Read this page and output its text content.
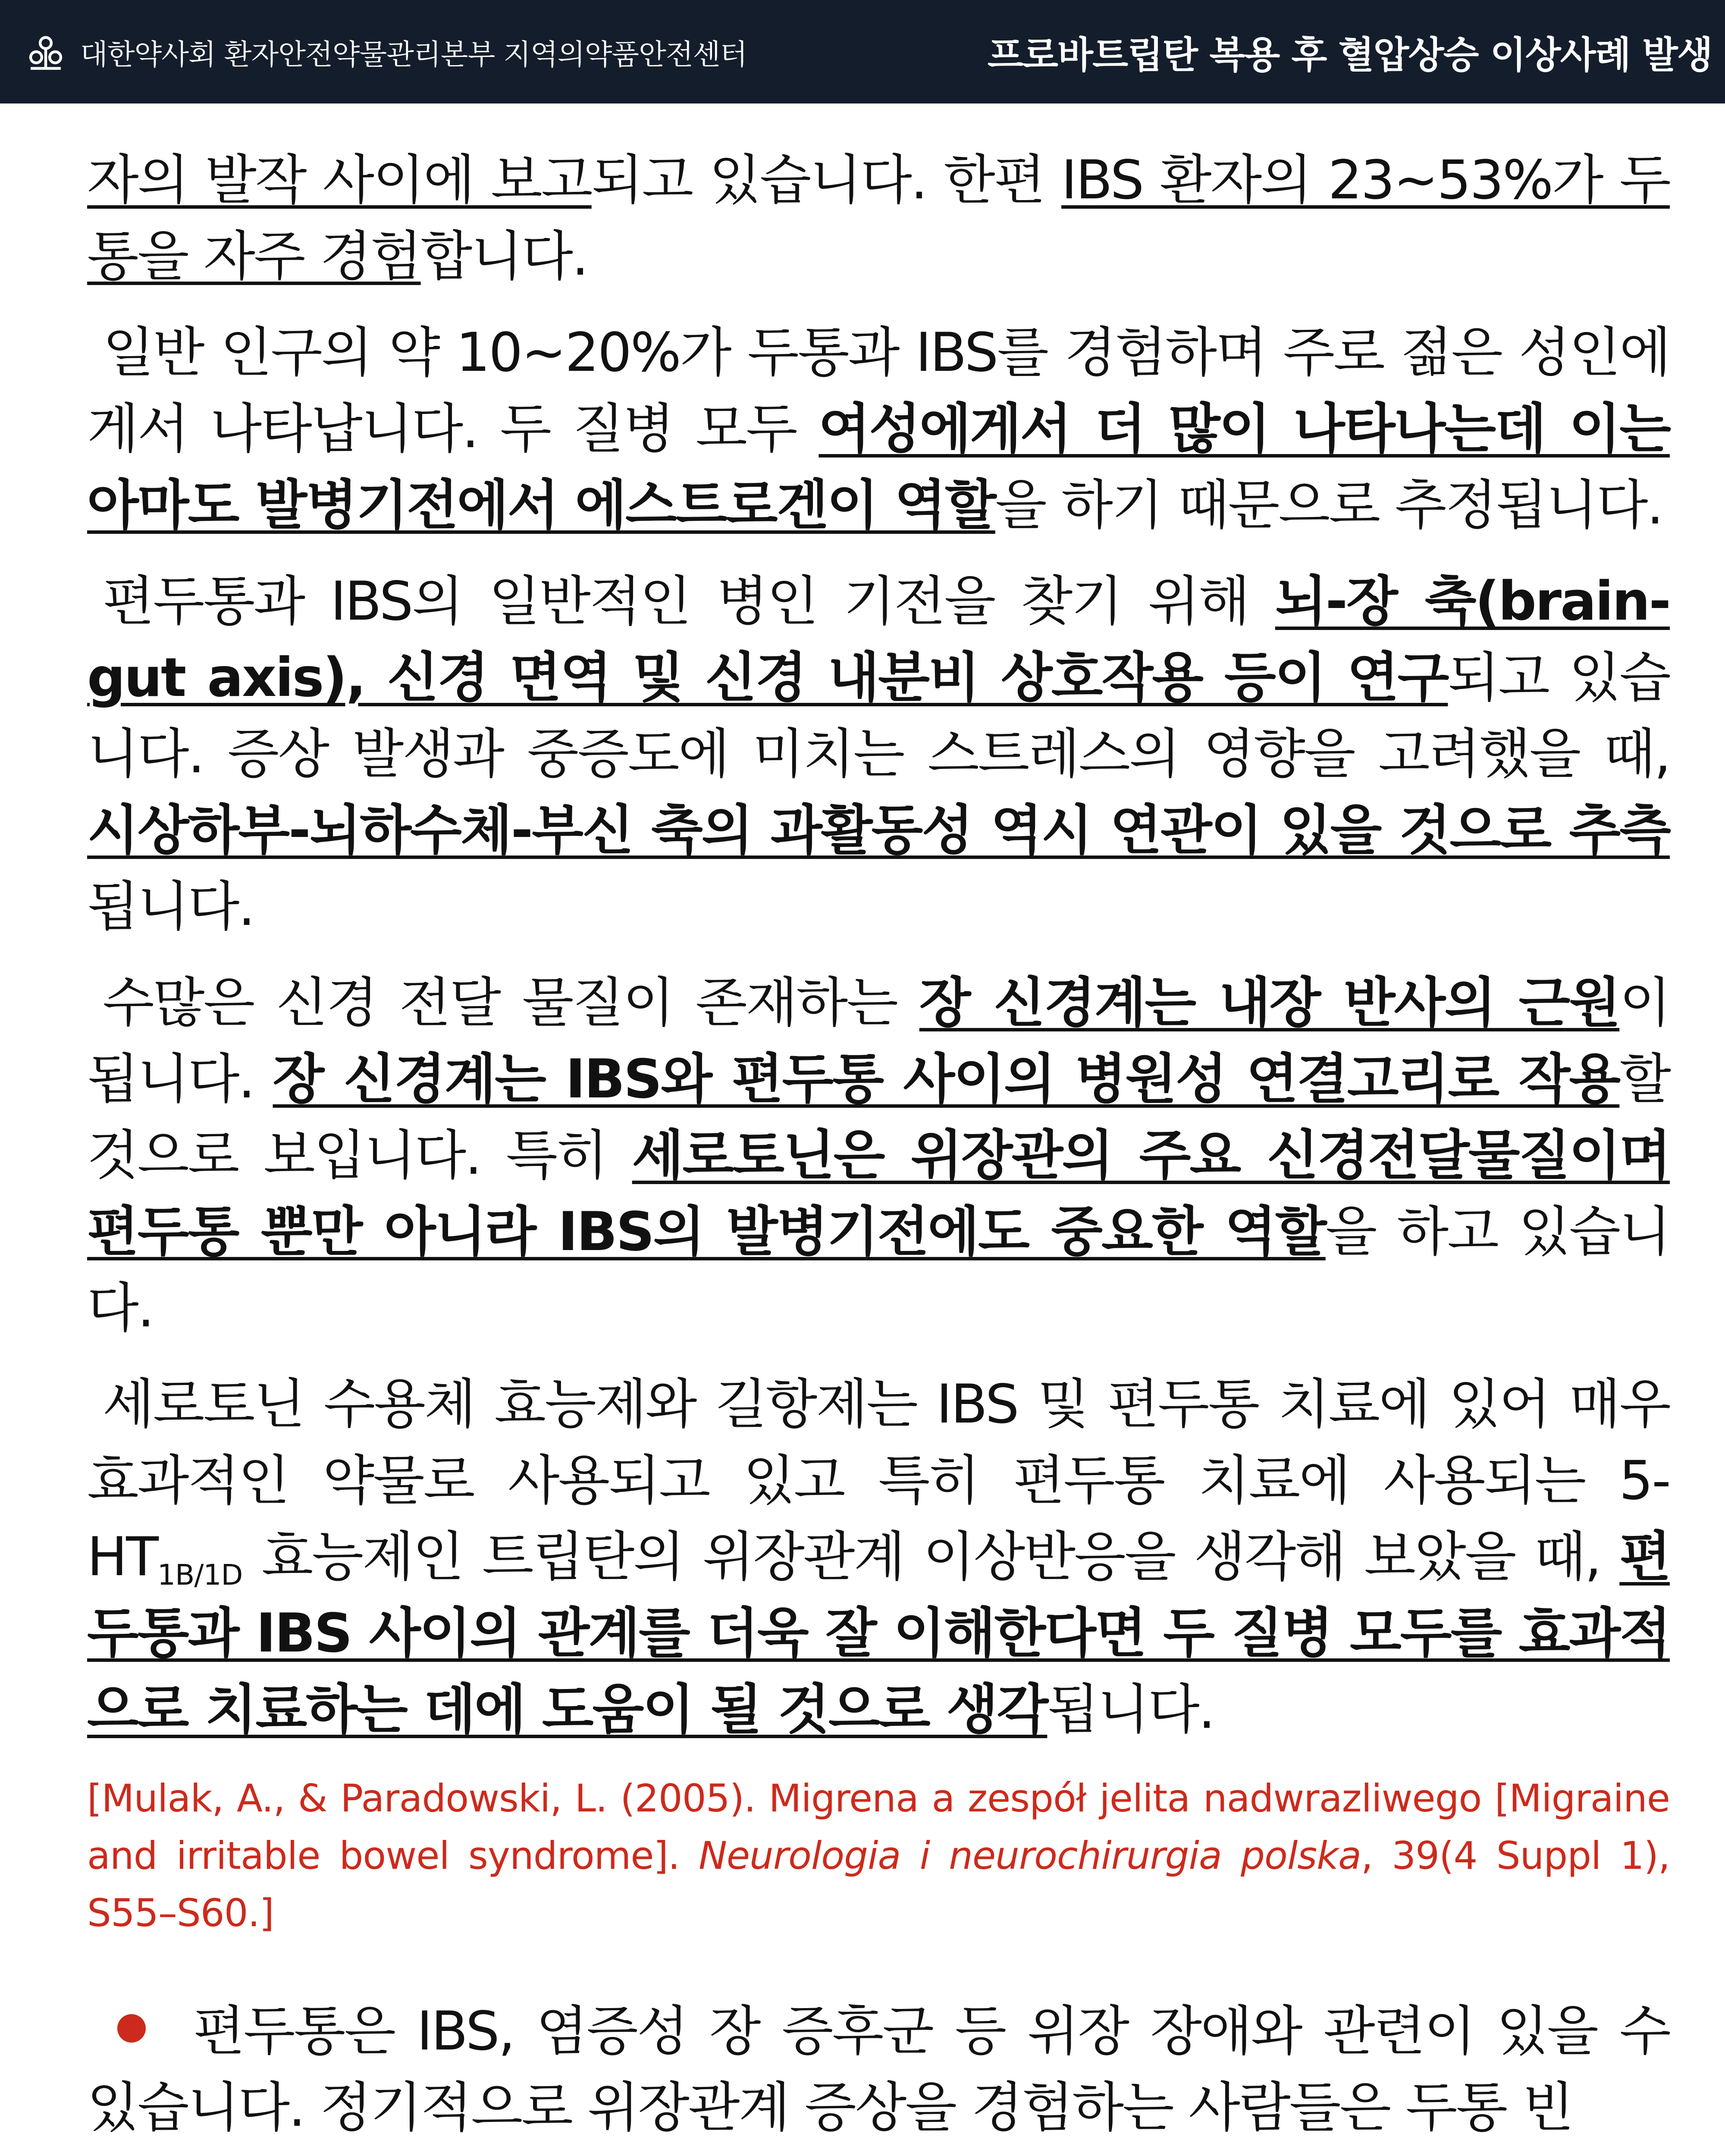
대한약사회 환자안전약물관리본부 지역의약품안전센터	프로바트립탄 복용 후 혈압상승 이상사례 발생
자의 발작 사이에 보고되고 있습니다. 한편 IBS 환자의 23~53%가 두통을 자주 경험합니다.
일반 인구의 약 10~20%가 두통과 IBS를 경험하며 주로 젊은 성인에게서 나타납니다. 두 질병 모두 여성에게서 더 많이 나타나는데 이는 아마도 발병기전에서 에스트로겐이 역할을 하기 때문으로 추정됩니다.
편두통과 IBS의 일반적인 병인 기전을 찾기 위해 뇌-장 축(brain-gut axis), 신경 면역 및 신경 내분비 상호작용 등이 연구되고 있습니다. 증상 발생과 중증도에 미치는 스트레스의 영향을 고려했을 때, 시상하부-뇌하수체-부신 축의 과활동성 역시 연관이 있을 것으로 추측됩니다.
수많은 신경 전달 물질이 존재하는 장 신경계는 내장 반사의 근원이 됩니다. 장 신경계는 IBS와 편두통 사이의 병원성 연결고리로 작용할 것으로 보입니다. 특히 세로토닌은 위장관의 주요 신경전달물질이며 편두통 뿐만 아니라 IBS의 발병기전에도 중요한 역할을 하고 있습니다.
세로토닌 수용체 효능제와 길항제는 IBS 및 편두통 치료에 있어 매우 효과적인 약물로 사용되고 있고 특히 편두통 치료에 사용되는 $5-HT_{1B/1D}$ 효능제인 트립탄의 위장관계 이상반응을 생각해 보았을 때, 편두통과 IBS 사이의 관계를 더욱 잘 이해한다면 두 질병 모두를 효과적으로 치료하는 데에 도움이 될 것으로 생각됩니다.
[Mulak, A., & Paradowski, L. (2005). Migrena a zespół jelita nadwrazliwego [Migraine and irritable bowel syndrome]. Neurologia i neurochirurgia polska, 39(4 Suppl 1), S55–S60.]
편두통은 IBS, 염증성 장 증후군 등 위장 장애와 관련이 있을 수 있습니다. 정기적으로 위장관계 증상을 경험하는 사람들은 두통 빈
